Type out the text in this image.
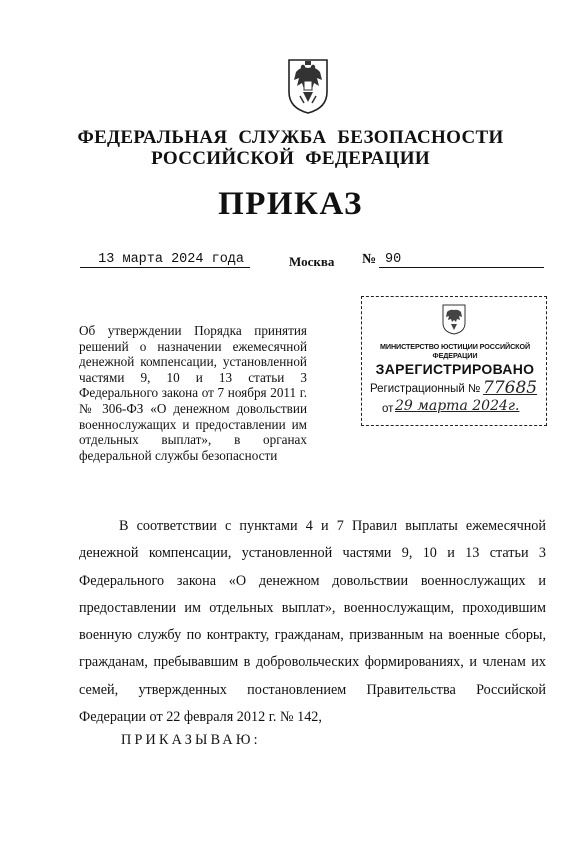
ФЕДЕРАЛЬНАЯ СЛУЖБА БЕЗОПАСНОСТИ
РОССИЙСКОЙ ФЕДЕРАЦИИ
ПРИКАЗ
13 марта 2024 года	Москва № 90
Об утверждении Порядка принятия решений о назначении ежемесячной денежной компенсации, установленной частями 9, 10 и 13 статьи 3 Федерального закона от 7 ноября 2011 г. № 306-ФЗ «О денежном довольствии военнослужащих и предоставлении им отдельных выплат», в органах федеральной службы безопасности
МИНИСТЕРСТВО ЮСТИЦИИ РОССИЙСКОЙ ФЕДЕРАЦИИ
ЗАРЕГИСТРИРОВАНО
Регистрационный № 77685
от 29 марта 2024г.
В соответствии с пунктами 4 и 7 Правил выплаты ежемесячной денежной компенсации, установленной частями 9, 10 и 13 статьи 3 Федерального закона «О денежном довольствии военнослужащих и предоставлении им отдельных выплат», военнослужащим, проходившим военную службу по контракту, гражданам, призванным на военные сборы, гражданам, пребывавшим в добровольческих формированиях, и членам их семей, утвержденных постановлением Правительства Российской Федерации от 22 февраля 2012 г. № 142,
ПРИКАЗЫВАЮ:
